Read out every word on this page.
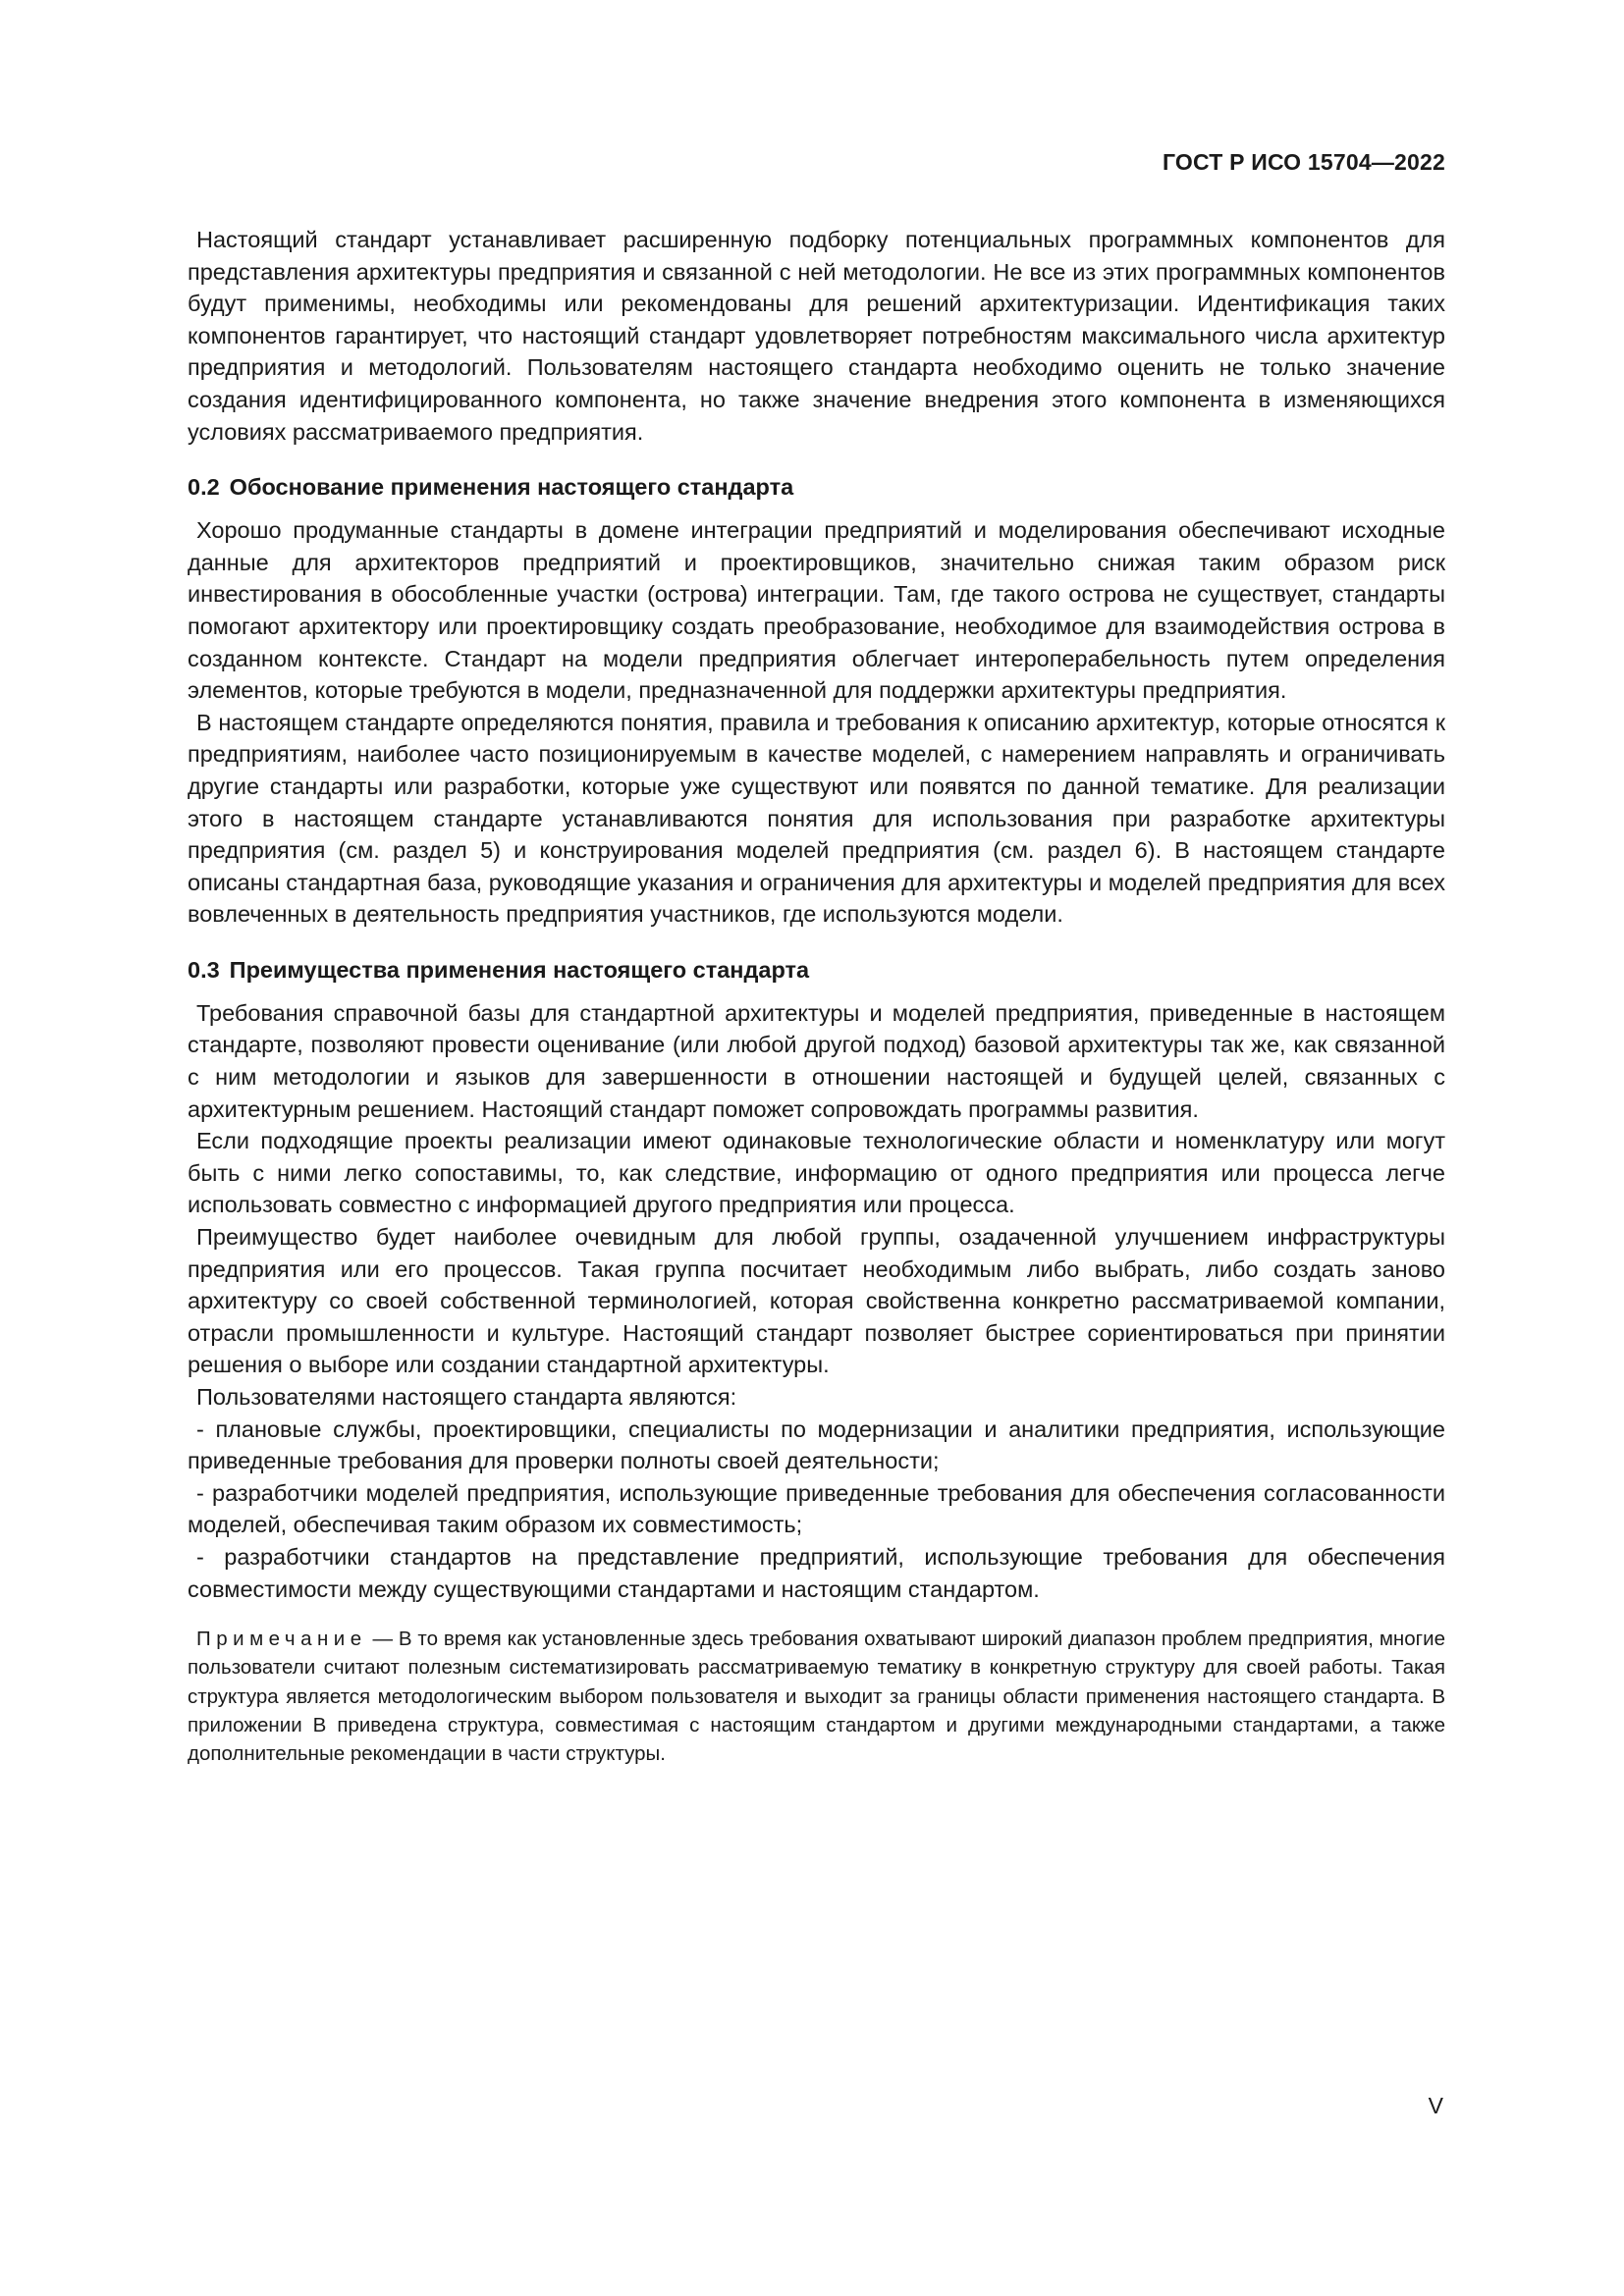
ГОСТ Р ИСО 15704—2022

Настоящий стандарт устанавливает расширенную подборку потенциальных программных компонентов для представления архитектуры предприятия и связанной с ней методологии. Не все из этих программных компонентов будут применимы, необходимы или рекомендованы для решений архитектуризации. Идентификация таких компонентов гарантирует, что настоящий стандарт удовлетворяет потребностям максимального числа архитектур предприятия и методологий. Пользователям настоящего стандарта необходимо оценить не только значение создания идентифицированного компонента, но также значение внедрения этого компонента в изменяющихся условиях рассматриваемого предприятия.

0.2 Обоснование применения настоящего стандарта

Хорошо продуманные стандарты в домене интеграции предприятий и моделирования обеспечивают исходные данные для архитекторов предприятий и проектировщиков, значительно снижая таким образом риск инвестирования в обособленные участки (острова) интеграции. Там, где такого острова не существует, стандарты помогают архитектору или проектировщику создать преобразование, необходимое для взаимодействия острова в созданном контексте. Стандарт на модели предприятия облегчает интероперабельность путем определения элементов, которые требуются в модели, предназначенной для поддержки архитектуры предприятия.

В настоящем стандарте определяются понятия, правила и требования к описанию архитектур, которые относятся к предприятиям, наиболее часто позиционируемым в качестве моделей, с намерением направлять и ограничивать другие стандарты или разработки, которые уже существуют или появятся по данной тематике. Для реализации этого в настоящем стандарте устанавливаются понятия для использования при разработке архитектуры предприятия (см. раздел 5) и конструирования моделей предприятия (см. раздел 6). В настоящем стандарте описаны стандартная база, руководящие указания и ограничения для архитектуры и моделей предприятия для всех вовлеченных в деятельность предприятия участников, где используются модели.

0.3 Преимущества применения настоящего стандарта

Требования справочной базы для стандартной архитектуры и моделей предприятия, приведенные в настоящем стандарте, позволяют провести оценивание (или любой другой подход) базовой архитектуры так же, как связанной с ним методологии и языков для завершенности в отношении настоящей и будущей целей, связанных с архитектурным решением. Настоящий стандарт поможет сопровождать программы развития.

Если подходящие проекты реализации имеют одинаковые технологические области и номенклатуру или могут быть с ними легко сопоставимы, то, как следствие, информацию от одного предприятия или процесса легче использовать совместно с информацией другого предприятия или процесса.

Преимущество будет наиболее очевидным для любой группы, озадаченной улучшением инфраструктуры предприятия или его процессов. Такая группа посчитает необходимым либо выбрать, либо создать заново архитектуру со своей собственной терминологией, которая свойственна конкретно рассматриваемой компании, отрасли промышленности и культуре. Настоящий стандарт позволяет быстрее сориентироваться при принятии решения о выборе или создании стандартной архитектуры.

Пользователями настоящего стандарта являются:

- плановые службы, проектировщики, специалисты по модернизации и аналитики предприятия, использующие приведенные требования для проверки полноты своей деятельности;

- разработчики моделей предприятия, использующие приведенные требования для обеспечения согласованности моделей, обеспечивая таким образом их совместимость;

- разработчики стандартов на представление предприятий, использующие требования для обеспечения совместимости между существующими стандартами и настоящим стандартом.

Примечание — В то время как установленные здесь требования охватывают широкий диапазон проблем предприятия, многие пользователи считают полезным систематизировать рассматриваемую тематику в конкретную структуру для своей работы. Такая структура является методологическим выбором пользователя и выходит за границы области применения настоящего стандарта. В приложении В приведена структура, совместимая с настоящим стандартом и другими международными стандартами, а также дополнительные рекомендации в части структуры.

V
